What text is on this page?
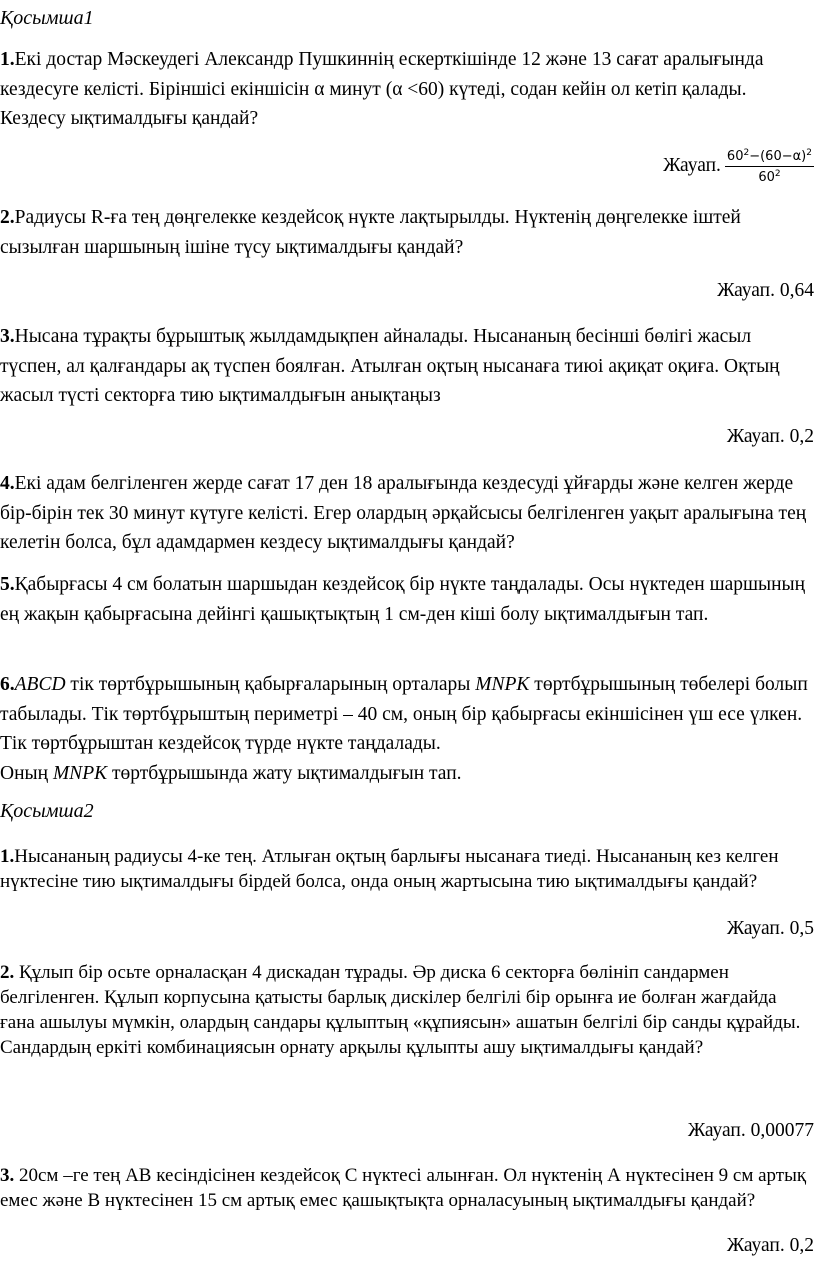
Қосымша1
1.Екі достар Мәскеудегі Александр Пушкиннің ескерткішінде 12 және 13 сағат аралығында кездесуге келісті. Біріншісі екіншісін α минут (α <60) күтеді, содан кейін ол кетіп қалады. Кездесу ықтималдығы қандай?
Жауап. $\frac{60^2-(60-\alpha)^2}{60^2}$
2.Радиусы R-ға тең дөңгелекке кездейсоқ нүкте лақтырылды. Нүктенің дөңгелекке іштей сызылған шаршының ішіне түсу ықтималдығы қандай?
Жауап. 0,64
3.Нысана тұрақты бұрыштық жылдамдықпен айналады. Нысананың бесінші бөлігі жасыл түспен, ал қалғандары ақ түспен боялған. Атылған оқтың нысанаға тиюі ақиқат оқиға. Оқтың жасыл түсті секторға тию ықтималдығын анықтаңыз
Жауап. 0,2
4.Екі адам белгіленген жерде сағат 17 ден 18 аралығында кездесуді ұйғарды және келген жерде бір-бірін тек 30 минут күтуге келісті. Егер олардың әрқайсысы белгіленген уақыт аралығына тең келетін болса, бұл адамдармен кездесу ықтималдығы қандай?
5.Қабырғасы 4 см болатын шаршыдан кездейсоқ бір нүкте таңдалады. Осы нүктеден шаршының ең жақын қабырғасына дейінгі қашықтықтың 1 см-ден кіші болу ықтималдығын тап.
6.ABCD тік төртбұрышының қабырғаларының орталары MNPK төртбұрышының төбелері болып табылады. Тік төртбұрыштың периметрі – 40 см, оның бір қабырғасы екіншісінен үш есе үлкен. Тік төртбұрыштан кездейсоқ түрде нүкте таңдалады.
Оның MNPK төртбұрышында жату ықтималдығын тап.
Қосымша2
1.Нысананың радиусы 4-ке тең. Атлыған оқтың барлығы нысанаға тиеді. Нысананың кез келген нүктесіне тию ықтималдығы бірдей болса, онда оның жартысына тию ықтималдығы қандай?
Жауап. 0,5
2. Құлып бір осьте орналасқан 4 дискадан тұрады. Әр диска 6 секторға бөлініп сандармен белгіленген. Құлып корпусына қатысты барлық дискілер белгілі бір орынға ие болған жағдайда ғана ашылуы мүмкін, олардың сандары құлыптың «құпиясын» ашатын белгілі бір санды құрайды. Сандардың еркіті комбинациясын орнату арқылы құлыпты ашу ықтималдығы қандай?
Жауап. 0,00077
3. 20см –ге тең AB кесіндісінен кездейсоқ С нүктесі алынған. Ол нүктенің А нүктесінен 9 см артық емес және В нүктесінен 15 см артық емес қашықтықта орналасуының ықтималдығы қандай?
Жауап. 0,2
